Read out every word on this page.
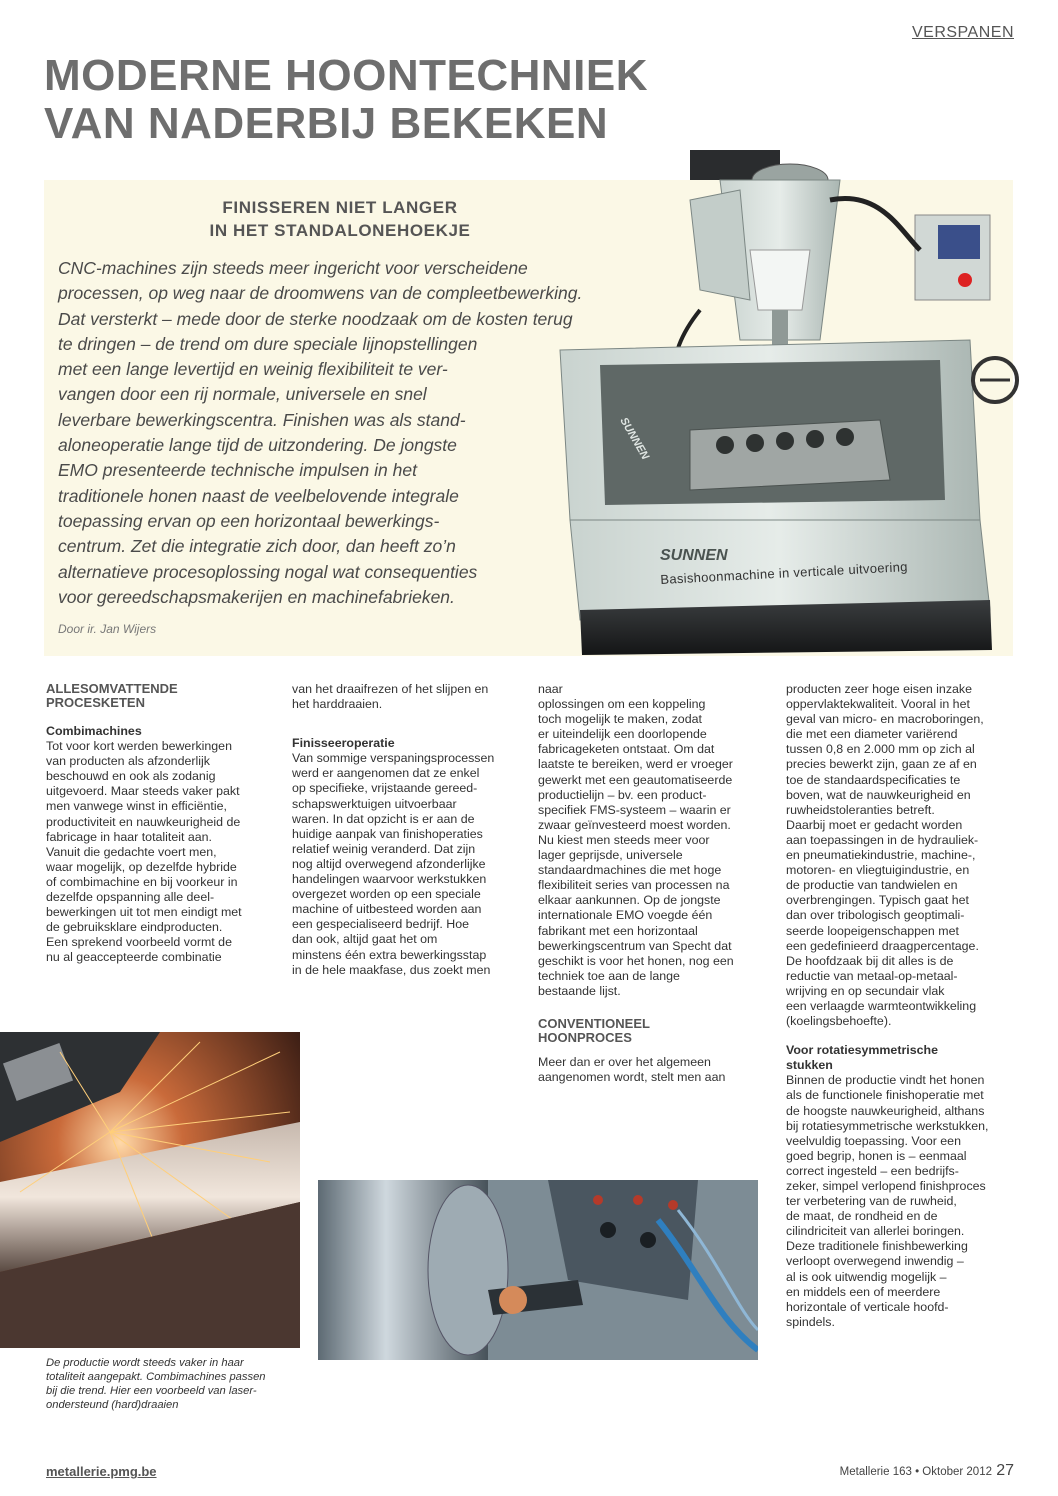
VERSPANEN
MODERNE HOONTECHNIEK
VAN NADERBIJ BEKEKEN
FINISSEREN NIET LANGER
IN HET STANDALONEHOEKJE
CNC-machines zijn steeds meer ingericht voor verscheidene
processen, op weg naar de droomwens van de compleetbewerking.
Dat versterkt – mede door de sterke noodzaak om de kosten terug
te dringen – de trend om dure speciale lijnopstellingen
met een lange levertijd en weinig flexibiliteit te ver-
vangen door een rij normale, universele en snel
leverbare bewerkingscentra. Finishen was als stand-
aloneoperatie lange tijd de uitzondering. De jongste
EMO presenteerde technische impulsen in het
traditionele honen naast de veelbelovende integrale
toepassing ervan op een horizontaal bewerkings-
centrum. Zet die integratie zich door, dan heeft zo’n
alternatieve procesoplossing nogal wat consequenties
voor gereedschapsmakerijen en machinefabrieken.
Door ir. Jan Wijers
SUNNEN
SUNNEN
Basishoonmachine in verticale uitvoering
ALLESOMVATTENDE
PROCESKETEN
Combimachines
Tot voor kort werden bewerkingen
van producten als afzonderlijk
beschouwd en ook als zodanig
uitgevoerd. Maar steeds vaker pakt
men vanwege winst in efficiëntie,
productiviteit en nauwkeurigheid de
fabricage in haar totaliteit aan.
Vanuit die gedachte voert men,
waar mogelijk, op dezelfde hybride
of combimachine en bij voorkeur in
dezelfde opspanning alle deel-
bewerkingen uit tot men eindigt met
de gebruiksklare eindproducten.
Een sprekend voorbeeld vormt de
nu al geaccepteerde combinatie
van het draaifrezen of het slijpen en
het harddraaien.
Finisseeroperatie
Van sommige verspaningsprocessen
werd er aangenomen dat ze enkel
op specifieke, vrijstaande gereed-
schapswerktuigen uitvoerbaar
waren. In dat opzicht is er aan de
huidige aanpak van finishoperaties
relatief weinig veranderd. Dat zijn
nog altijd overwegend afzonderlijke
handelingen waarvoor werkstukken
overgezet worden op een speciale
machine of uitbesteed worden aan
een gespecialiseerd bedrijf. Hoe
dan ook, altijd gaat het om
minstens één extra bewerkingsstap
in de hele maakfase, dus zoekt men
naar
oplossingen om een koppeling
toch mogelijk te maken, zodat
er uiteindelijk een doorlopende
fabricageketen ontstaat. Om dat
laatste te bereiken, werd er vroeger
gewerkt met een geautomatiseerde
productielijn – bv. een product-
specifiek FMS-systeem – waarin er
zwaar geïnvesteerd moest worden.
Nu kiest men steeds meer voor
lager geprijsde, universele
standaardmachines die met hoge
flexibiliteit series van processen na
elkaar aankunnen. Op de jongste
internationale EMO voegde één
fabrikant met een horizontaal
bewerkingscentrum van Specht dat
geschikt is voor het honen, nog een
techniek toe aan de lange
bestaande lijst.
CONVENTIONEEL
HOONPROCES
Meer dan er over het algemeen
aangenomen wordt, stelt men aan
producten zeer hoge eisen inzake
oppervlaktekwaliteit. Vooral in het
geval van micro- en macroboringen,
die met een diameter variërend
tussen 0,8 en 2.000 mm op zich al
precies bewerkt zijn, gaan ze af en
toe de standaardspecificaties te
boven, wat de nauwkeurigheid en
ruwheidstoleranties betreft.
Daarbij moet er gedacht worden
aan toepassingen in de hydrauliek-
en pneumatiekindustrie, machine-,
motoren- en vliegtuigindustrie, en
de productie van tandwielen en
overbrengingen. Typisch gaat het
dan over tribologisch geoptimali-
seerde loopeigenschappen met
een gedefinieerd draagpercentage.
De hoofdzaak bij dit alles is de
reductie van metaal-op-metaal-
wrijving en op secundair vlak
een verlaagde warmteontwikkeling
(koelingsbehoefte).
Voor rotatiesymmetrische
stukken
Binnen de productie vindt het honen
als de functionele finishoperatie met
de hoogste nauwkeurigheid, althans
bij rotatiesymmetrische werkstukken,
veelvuldig toepassing. Voor een
goed begrip, honen is – eenmaal
correct ingesteld – een bedrijfs-
zeker, simpel verlopend finishproces
ter verbetering van de ruwheid,
de maat, de rondheid en de
cilindriciteit van allerlei boringen.
Deze traditionele finishbewerking
verloopt overwegend inwendig –
al is ook uitwendig mogelijk –
en middels een of meerdere
horizontale of verticale hoofd-
spindels.
De productie wordt steeds vaker in haar
totaliteit aangepakt. Combimachines passen
bij die trend. Hier een voorbeeld van laser-
ondersteund (hard)draaien
metallerie.pmg.be	Metallerie 163 • Oktober 2012 27
